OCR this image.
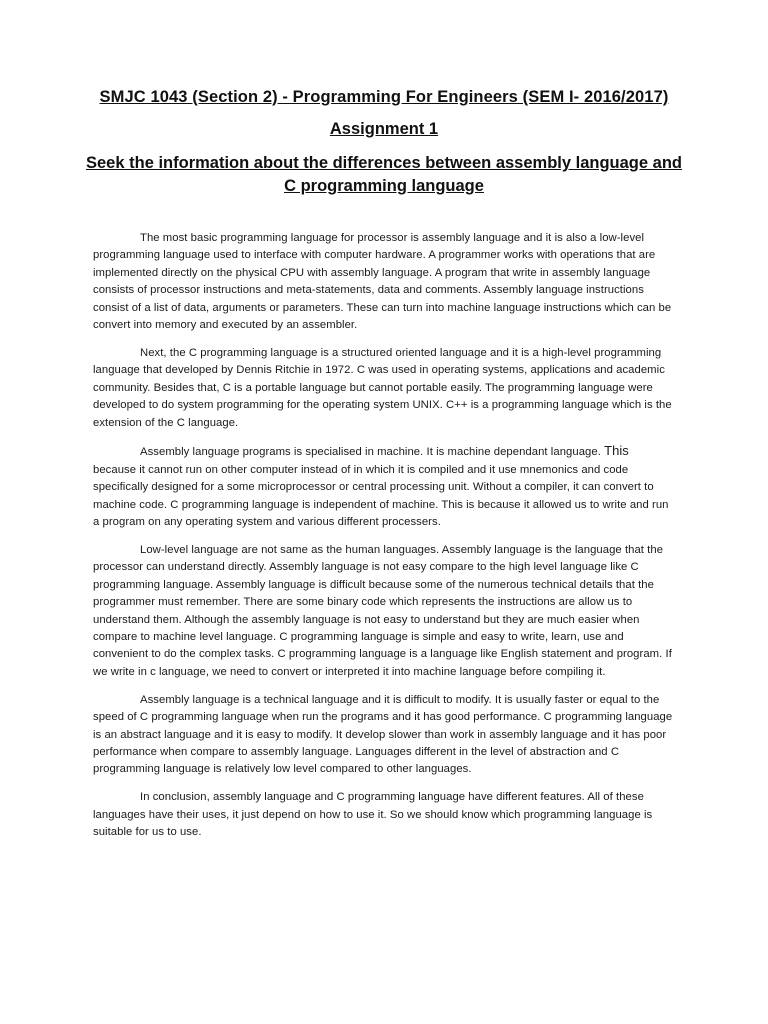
SMJC 1043 (Section 2) - Programming For Engineers (SEM I- 2016/2017)
Assignment 1
Seek the information about the differences between assembly language and
C programming language

The most basic programming language for processor is assembly language and it is also a low-level programming language used to interface with computer hardware. A programmer works with operations that are implemented directly on the physical CPU with assembly language. A program that write in assembly language consists of processor instructions and meta-statements, data and comments. Assembly language instructions consist of a list of data, arguments or parameters. These can turn into machine language instructions which can be convert into memory and executed by an assembler.

Next, the C programming language is a structured oriented language and it is a high-level programming language that developed by Dennis Ritchie in 1972. C was used in operating systems, applications and academic community. Besides that, C is a portable language but cannot portable easily. The programming language were developed to do system programming for the operating system UNIX. C++ is a programming language which is the extension of the C language.

Assembly language programs is specialised in machine. It is machine dependant language. This because it cannot run on other computer instead of in which it is compiled and it use mnemonics and code specifically designed for a some microprocessor or central processing unit. Without a compiler, it can convert to machine code. C programming language is independent of machine. This is because it allowed us to write and run a program on any operating system and various different processers.

Low-level language are not same as the human languages. Assembly language is the language that the processor can understand directly. Assembly language is not easy compare to the high level language like C programming language. Assembly language is difficult because some of the numerous technical details that the programmer must remember. There are some binary code which represents the instructions are allow us to understand them. Although the assembly language is not easy to understand but they are much easier when compare to machine level language. C programming language is simple and easy to write, learn, use and convenient to do the complex tasks. C programming language is a language like English statement and program. If we write in c language, we need to convert or interpreted it into machine language before compiling it.

Assembly language is a technical language and it is difficult to modify. It is usually faster or equal to the speed of C programming language when run the programs and it has good performance. C programming language is an abstract language and it is easy to modify. It develop slower than work in assembly language and it has poor performance when compare to assembly language. Languages different in the level of abstraction and C programming language is relatively low level compared to other languages.

In conclusion, assembly language and C programming language have different features. All of these languages have their uses, it just depend on how to use it. So we should know which programming language is suitable for us to use.
